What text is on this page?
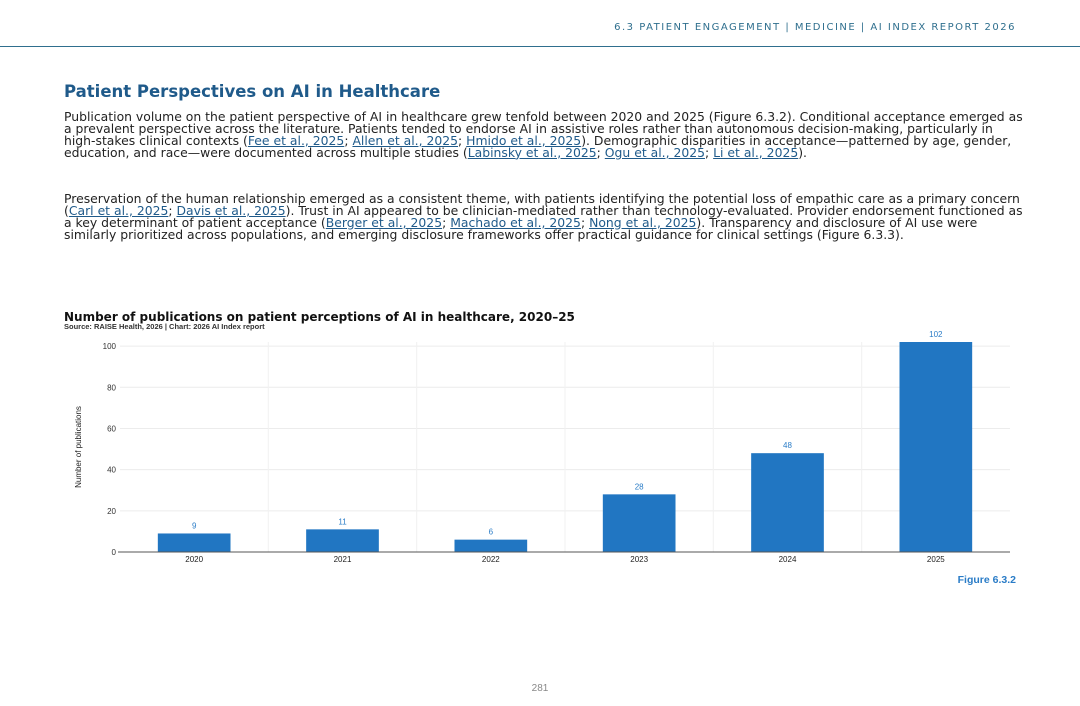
6.3 PATIENT ENGAGEMENT | MEDICINE | AI INDEX REPORT 2026
Patient Perspectives on AI in Healthcare
Publication volume on the patient perspective of AI in healthcare grew tenfold between 2020 and 2025 (Figure 6.3.2). Conditional acceptance emerged as a prevalent perspective across the literature. Patients tended to endorse AI in assistive roles rather than autonomous decision-making, particularly in high-stakes clinical contexts (Fee et al., 2025; Allen et al., 2025; Hmido et al., 2025). Demographic disparities in acceptance—patterned by age, gender, education, and race—were documented across multiple studies (Labinsky et al., 2025; Ogu et al., 2025; Li et al., 2025).
Preservation of the human relationship emerged as a consistent theme, with patients identifying the potential loss of empathic care as a primary concern (Carl et al., 2025; Davis et al., 2025). Trust in AI appeared to be clinician-mediated rather than technology-evaluated. Provider endorsement functioned as a key determinant of patient acceptance (Berger et al., 2025; Machado et al., 2025; Nong et al., 2025). Transparency and disclosure of AI use were similarly prioritized across populations, and emerging disclosure frameworks offer practical guidance for clinical settings (Figure 6.3.3).
Number of publications on patient perceptions of AI in healthcare, 2020–25
Source: RAISE Health, 2026 | Chart: 2026 AI Index report
0
20
40
60
80
100
Number of publications
9
2020
11
2021
6
2022
28
2023
48
2024
102
2025
Figure 6.3.2
281
